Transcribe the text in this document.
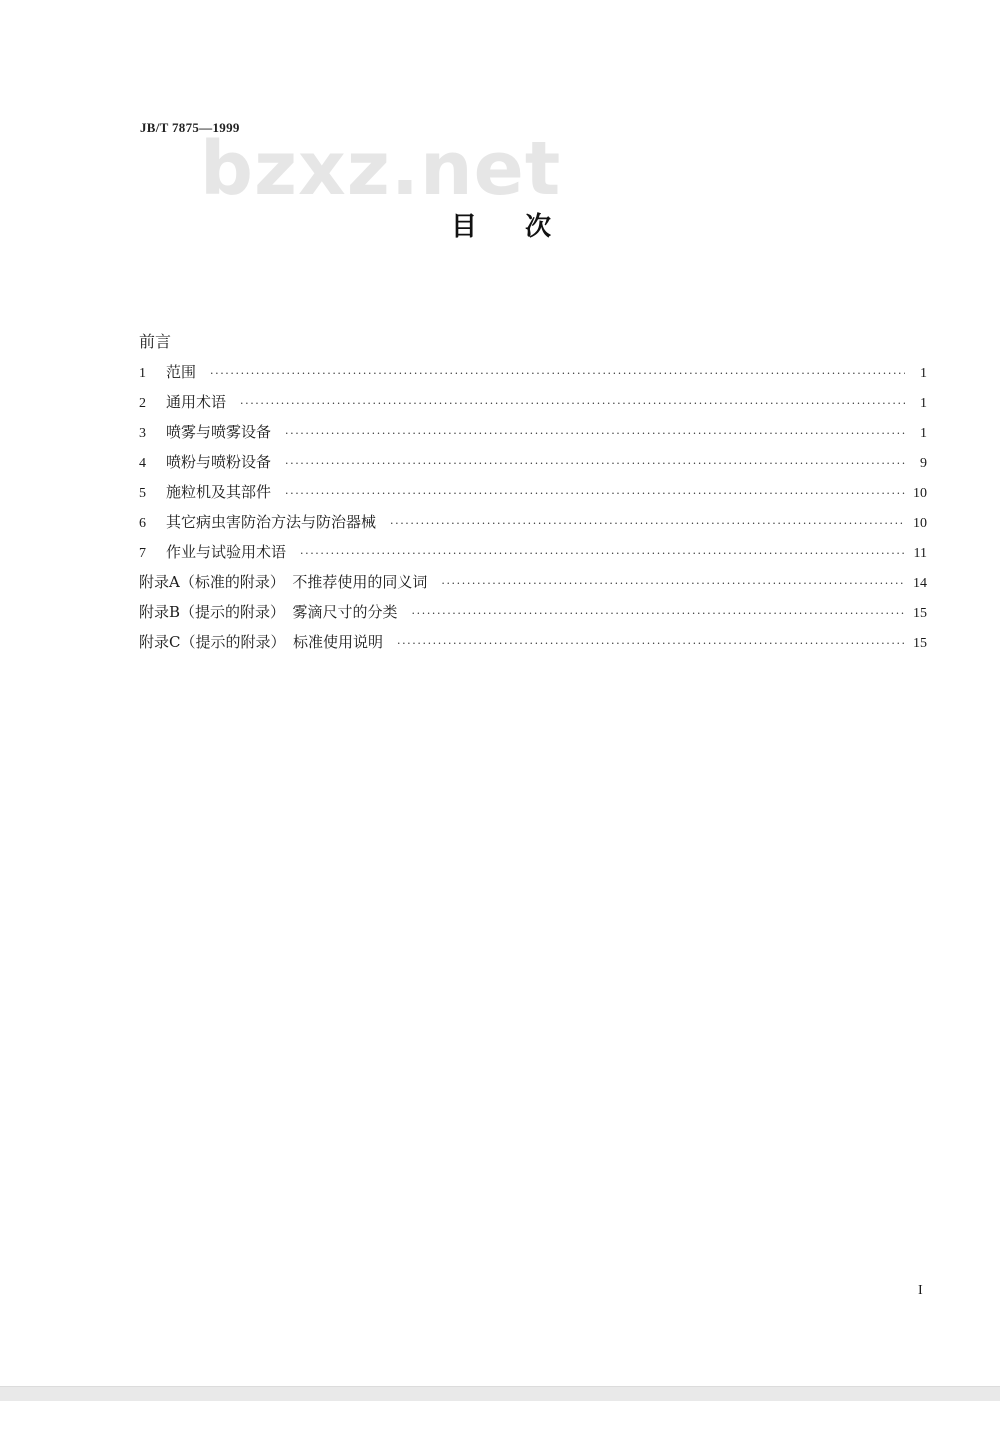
JB/T 7875—1999
bzxz.net
目次
前言
1	范围 ·····	1
2	通用术语 ·····	1
3	喷雾与喷雾设备 ·····	1
4	喷粉与喷粉设备 ·····	9
5	施粒机及其部件 ·····	10
6	其它病虫害防治方法与防治器械 ·····	10
7	作业与试验用术语 ·····	11
附录A（标准的附录）　不推荐使用的同义词 ·····	14
附录B（提示的附录）　雾滴尺寸的分类 ·····	15
附录C（提示的附录）　标准使用说明 ·····	15
I
